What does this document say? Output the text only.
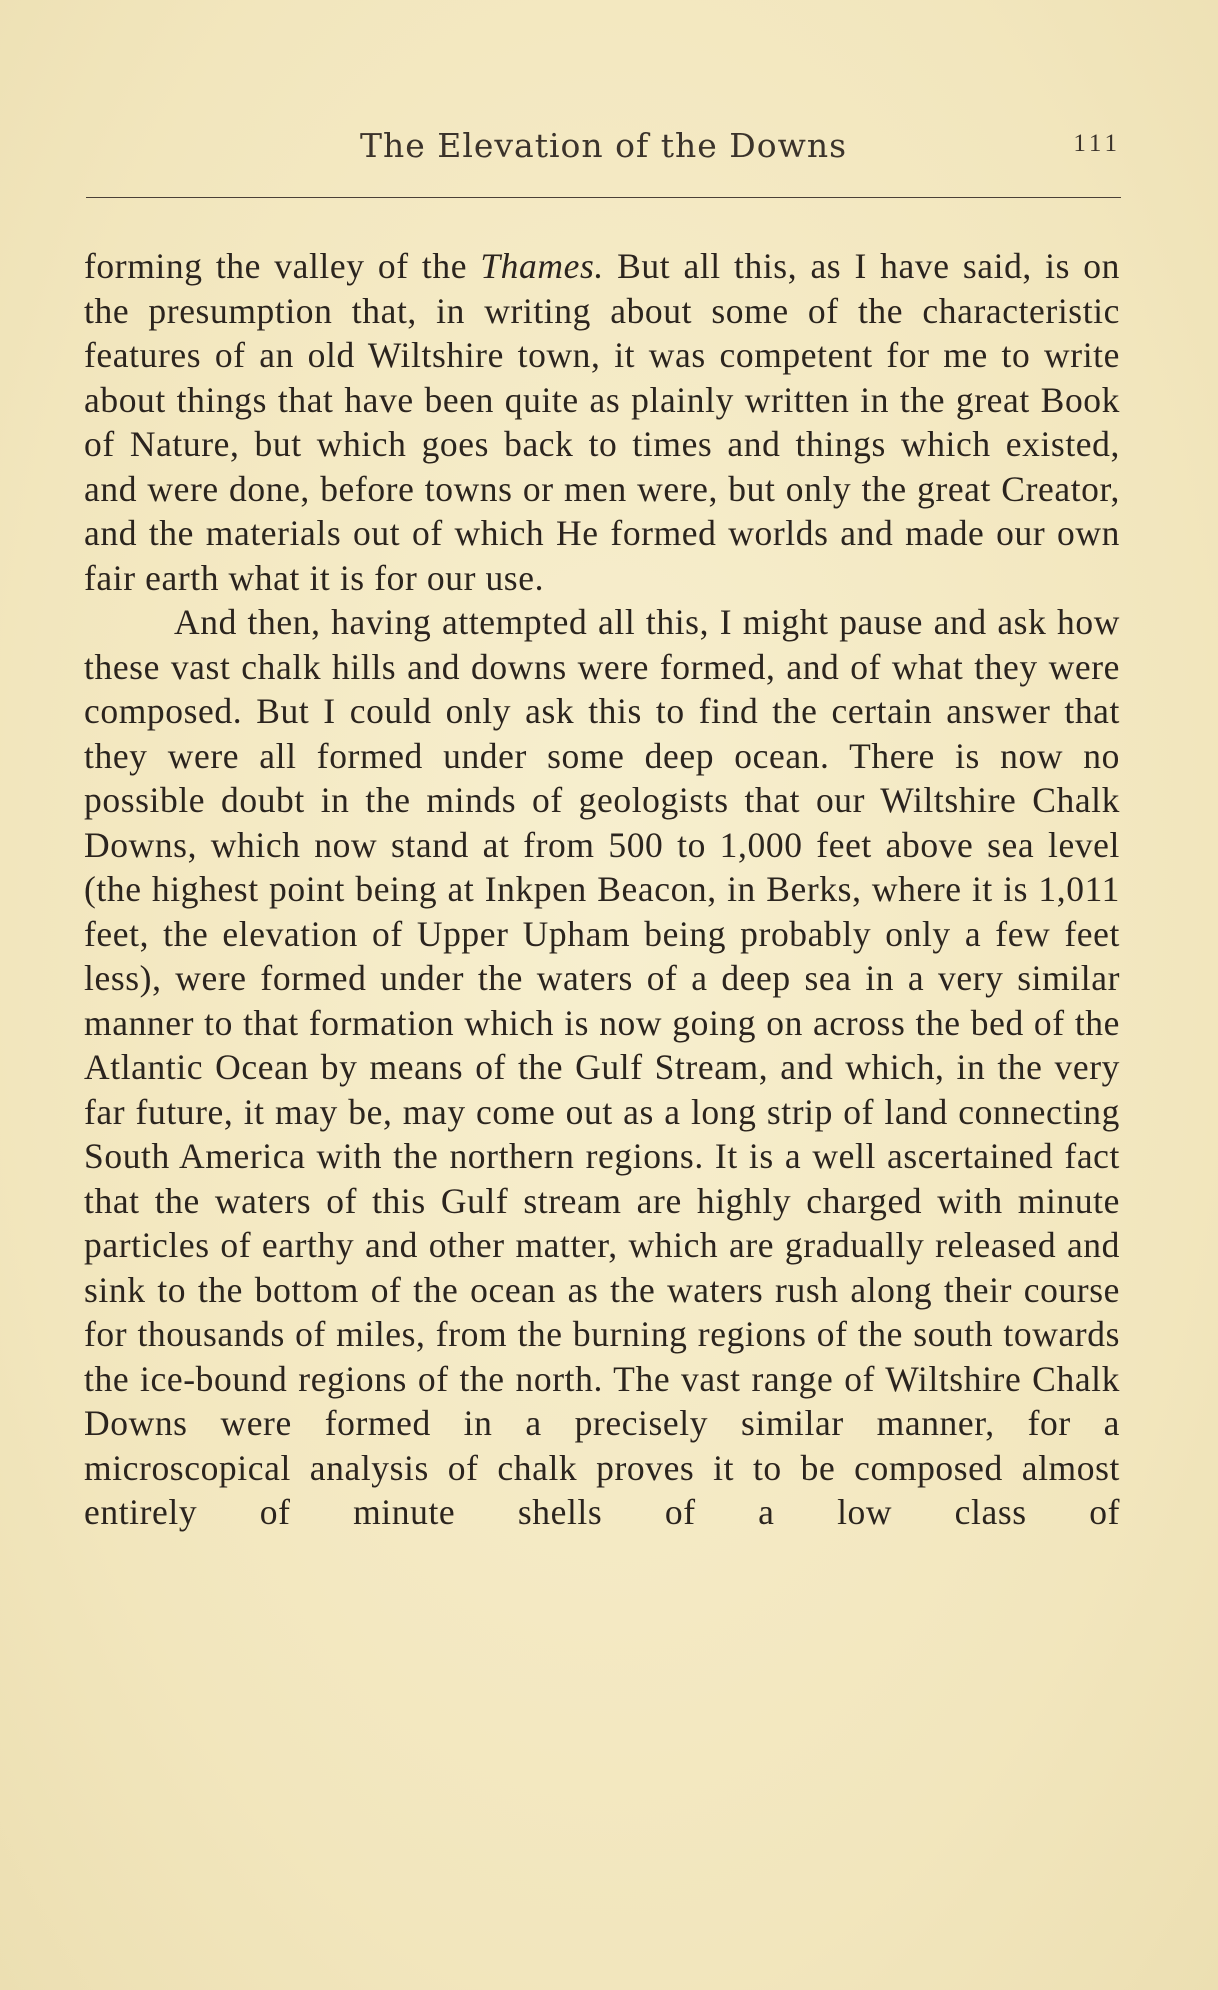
The Elevation of the Downs	111

forming the valley of the Thames. But all this, as I have said, is on the presumption that, in writing about some of the characteristic features of an old Wiltshire town, it was competent for me to write about things that have been quite as plainly written in the great Book of Nature, but which goes back to times and things which existed, and were done, before towns or men were, but only the great Creator, and the materials out of which He formed worlds and made our own fair earth what it is for our use.

And then, having attempted all this, I might pause and ask how these vast chalk hills and downs were formed, and of what they were composed. But I could only ask this to find the certain answer that they were all formed under some deep ocean. There is now no possible doubt in the minds of geologists that our Wiltshire Chalk Downs, which now stand at from 500 to 1,000 feet above sea level (the highest point being at Inkpen Beacon, in Berks, where it is 1,011 feet, the elevation of Upper Upham being probably only a few feet less), were formed under the waters of a deep sea in a very similar manner to that formation which is now going on across the bed of the Atlantic Ocean by means of the Gulf Stream, and which, in the very far future, it may be, may come out as a long strip of land connecting South America with the northern regions. It is a well ascertained fact that the waters of this Gulf stream are highly charged with minute particles of earthy and other matter, which are gradually released and sink to the bottom of the ocean as the waters rush along their course for thousands of miles, from the burning regions of the south towards the ice-bound regions of the north. The vast range of Wiltshire Chalk Downs were formed in a precisely similar manner, for a microscopical analysis of chalk proves it to be composed almost entirely of minute shells of a low class of
